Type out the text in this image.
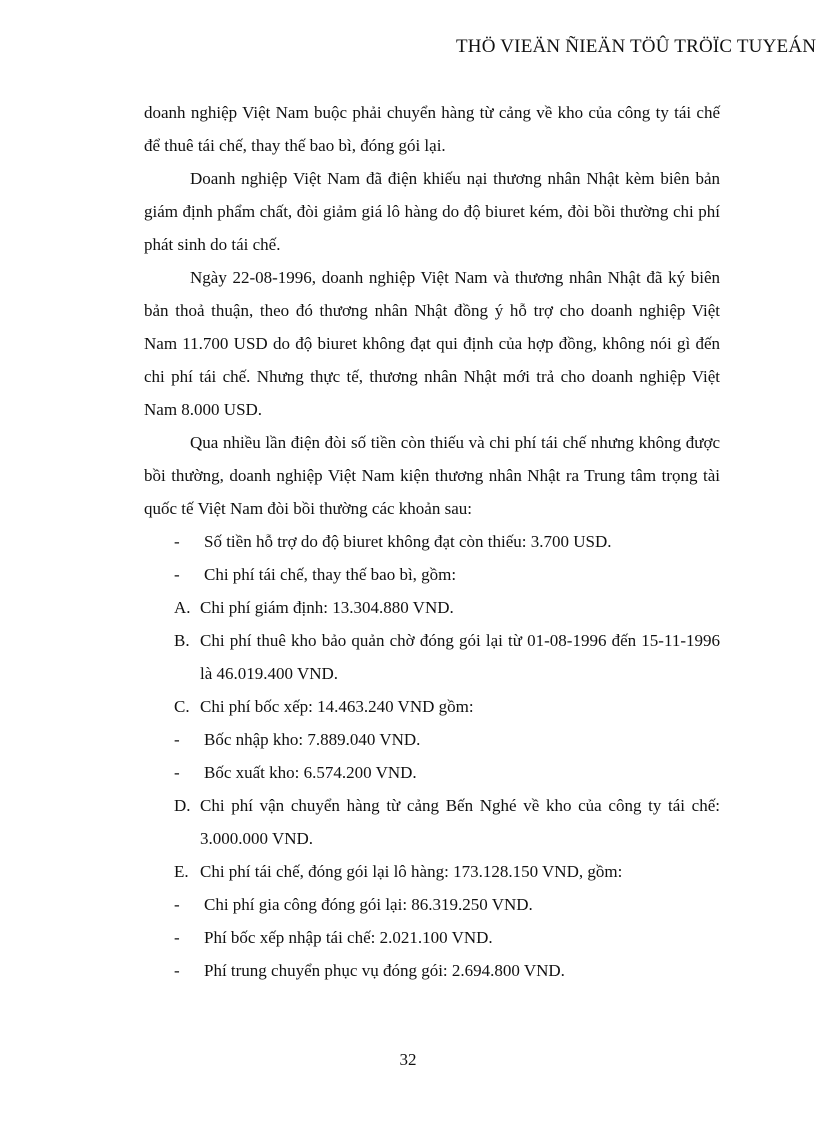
THÖ VIEÄN ÑIEÄN TÖÛ TRÖÏC TUYEÁN

doanh nghiệp Việt Nam buộc phải chuyển hàng từ cảng về kho của công ty tái chế để thuê tái chế, thay thế bao bì, đóng gói lại.

Doanh nghiệp Việt Nam đã điện khiếu nại thương nhân Nhật kèm biên bản giám định phẩm chất, đòi giảm giá lô hàng do độ biuret kém, đòi bồi thường chi phí phát sinh do tái chế.

Ngày 22-08-1996, doanh nghiệp Việt Nam và thương nhân Nhật đã ký biên bản thoả thuận, theo đó thương nhân Nhật đồng ý hỗ trợ cho doanh nghiệp Việt Nam 11.700 USD do độ biuret không đạt qui định của hợp đồng, không nói gì đến chi phí tái chế. Nhưng thực tế, thương nhân Nhật mới trả cho doanh nghiệp Việt Nam 8.000 USD.

Qua nhiều lần điện đòi số tiền còn thiếu và chi phí tái chế nhưng không được bồi thường, doanh nghiệp Việt Nam kiện thương nhân Nhật ra Trung tâm trọng tài quốc tế Việt Nam đòi bồi thường các khoản sau:

- Số tiền hỗ trợ do độ biuret không đạt còn thiếu: 3.700 USD.
- Chi phí tái chế, thay thế bao bì, gồm:
A. Chi phí giám định: 13.304.880 VND.
B. Chi phí thuê kho bảo quản chờ đóng gói lại từ 01-08-1996 đến 15-11-1996 là 46.019.400 VND.
C. Chi phí bốc xếp: 14.463.240 VND gồm:
- Bốc nhập kho: 7.889.040 VND.
- Bốc xuất kho: 6.574.200 VND.
D. Chi phí vận chuyển hàng từ cảng Bến Nghé về kho của công ty tái chế: 3.000.000 VND.
E. Chi phí tái chế, đóng gói lại lô hàng: 173.128.150 VND, gồm:
- Chi phí gia công đóng gói lại: 86.319.250 VND.
- Phí bốc xếp nhập tái chế: 2.021.100 VND.
- Phí trung chuyển phục vụ đóng gói: 2.694.800 VND.
32
